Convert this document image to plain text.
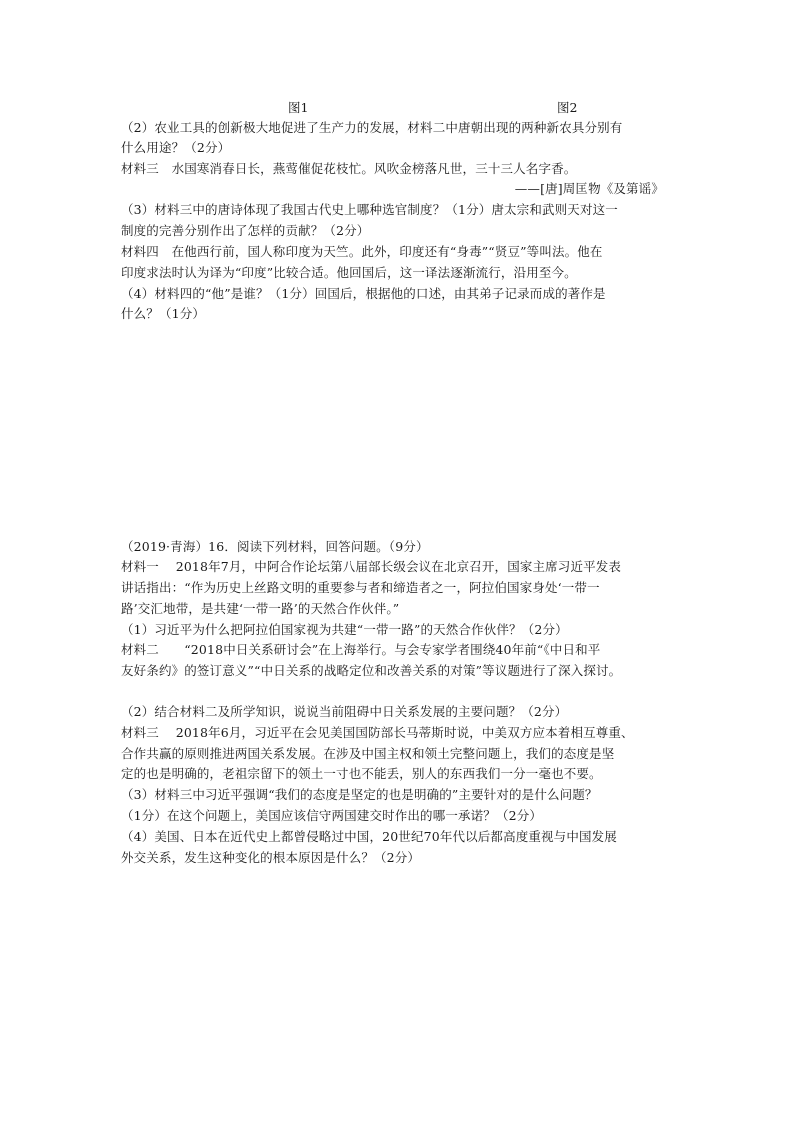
图1	图2
（2）农业工具的创新极大地促进了生产力的发展，材料二中唐朝出现的两种新农具分别有
什么用途？（2分）
材料三　水国寒消春日长，燕莺催促花枝忙。风吹金榜落凡世，三十三人名字香。
——[唐]周匡物《及第谣》
（3）材料三中的唐诗体现了我国古代史上哪种选官制度？（1分）唐太宗和武则天对这一
制度的完善分别作出了怎样的贡献？（2分）
材料四　在他西行前，国人称印度为天竺。此外，印度还有“身毒”“贤豆”等叫法。他在
印度求法时认为译为“印度”比较合适。他回国后，这一译法逐渐流行，沿用至今。
（4）材料四的“他”是谁？（1分）回国后，根据他的口述，由其弟子记录而成的著作是
什么？（1分）
（2019·青海）16．阅读下列材料，回答问题。（9分）
材料一　 2018年7月，中阿合作论坛第八届部长级会议在北京召开，国家主席习近平发表
讲话指出：“作为历史上丝路文明的重要参与者和缔造者之一，阿拉伯国家身处‘一带一
路’交汇地带，是共建‘一带一路’的天然合作伙伴。”
（1）习近平为什么把阿拉伯国家视为共建“一带一路”的天然合作伙伴？（2分）
材料二　　“2018中日关系研讨会”在上海举行。与会专家学者围绕40年前“《中日和平
友好条约》的签订意义”“中日关系的战略定位和改善关系的对策”等议题进行了深入探讨。
（2）结合材料二及所学知识，说说当前阻碍中日关系发展的主要问题？（2分）
材料三　 2018年6月，习近平在会见美国国防部长马蒂斯时说，中美双方应本着相互尊重、
合作共赢的原则推进两国关系发展。在涉及中国主权和领土完整问题上，我们的态度是坚
定的也是明确的，老祖宗留下的领土一寸也不能丢，别人的东西我们一分一毫也不要。
（3）材料三中习近平强调“我们的态度是坚定的也是明确的”主要针对的是什么问题？
（1分）在这个问题上，美国应该信守两国建交时作出的哪一承诺？（2分）
（4）美国、日本在近代史上都曾侵略过中国，20世纪70年代以后都高度重视与中国发展
外交关系，发生这种变化的根本原因是什么？（2分）
